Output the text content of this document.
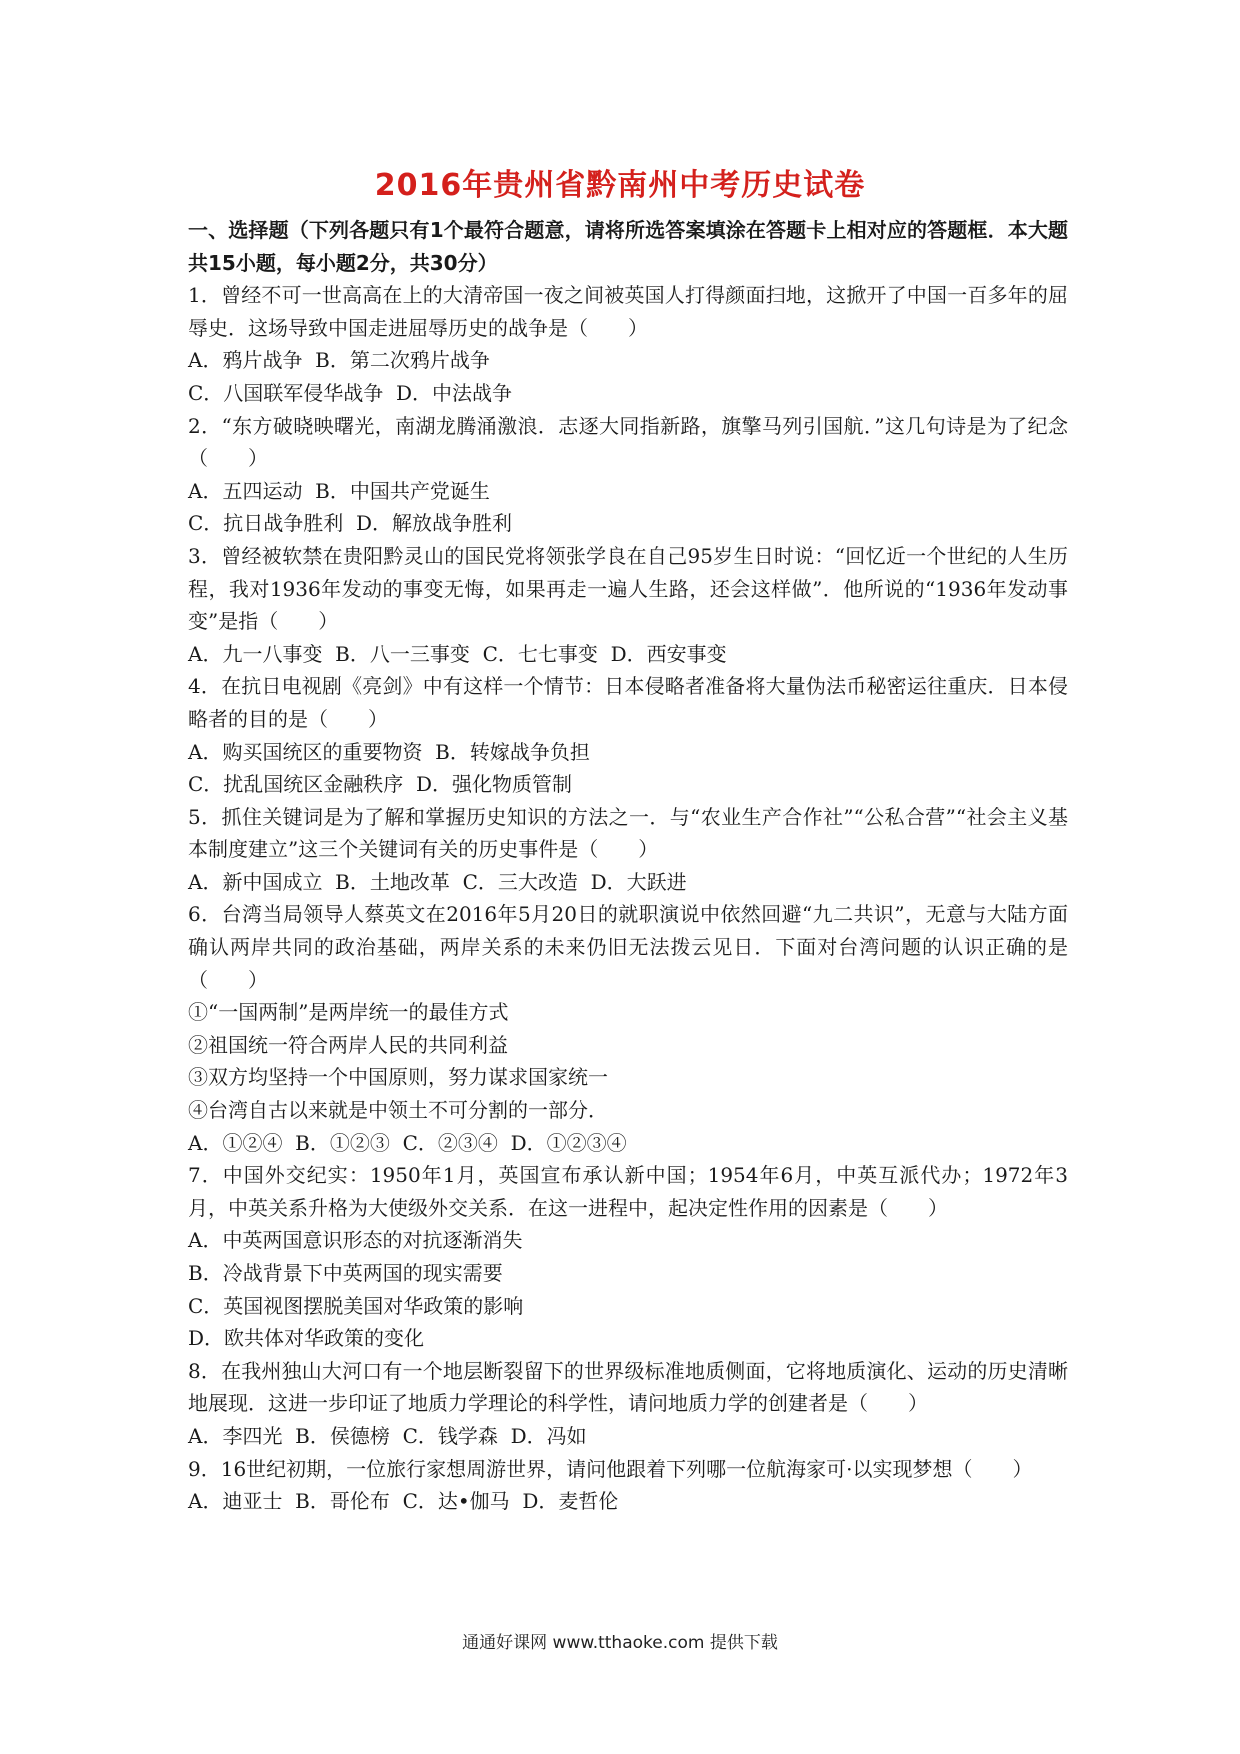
2016年贵州省黔南州中考历史试卷
一、选择题（下列各题只有1个最符合题意，请将所选答案填涂在答题卡上相对应的答题框．本大题共15小题，每小题2分，共30分）
1．曾经不可一世高高在上的大清帝国一夜之间被英国人打得颜面扫地，这掀开了中国一百多年的屈辱史．这场导致中国走进屈辱历史的战争是（　　）
A．鸦片战争  B．第二次鸦片战争
C．八国联军侵华战争  D．中法战争
2．“东方破晓映曙光，南湖龙腾涌激浪．志逐大同指新路，旗擎马列引国航．”这几句诗是为了纪念（　　）
A．五四运动  B．中国共产党诞生
C．抗日战争胜利  D．解放战争胜利
3．曾经被软禁在贵阳黔灵山的国民党将领张学良在自己95岁生日时说：“回忆近一个世纪的人生历程，我对1936年发动的事变无悔，如果再走一遍人生路，还会这样做”．他所说的“1936年发动事变”是指（　　）
A．九一八事变  B．八一三事变  C．七七事变  D．西安事变
4．在抗日电视剧《亮剑》中有这样一个情节：日本侵略者准备将大量伪法币秘密运往重庆．日本侵略者的目的是（　　）
A．购买国统区的重要物资  B．转嫁战争负担
C．扰乱国统区金融秩序  D．强化物质管制
5．抓住关键词是为了解和掌握历史知识的方法之一．与“农业生产合作社”“公私合营”“社会主义基本制度建立”这三个关键词有关的历史事件是（　　）
A．新中国成立  B．土地改革  C．三大改造  D．大跃进
6．台湾当局领导人蔡英文在2016年5月20日的就职演说中依然回避“九二共识”，无意与大陆方面确认两岸共同的政治基础，两岸关系的未来仍旧无法拨云见日．下面对台湾问题的认识正确的是（　　）
①“一国两制”是两岸统一的最佳方式
②祖国统一符合两岸人民的共同利益
③双方均坚持一个中国原则，努力谋求国家统一
④台湾自古以来就是中领土不可分割的一部分．
A．①②④  B．①②③  C．②③④  D．①②③④
7．中国外交纪实：1950年1月，英国宣布承认新中国；1954年6月，中英互派代办；1972年3月，中英关系升格为大使级外交关系．在这一进程中，起决定性作用的因素是（　　）
A．中英两国意识形态的对抗逐渐消失
B．冷战背景下中英两国的现实需要
C．英国视图摆脱美国对华政策的影响
D．欧共体对华政策的变化
8．在我州独山大河口有一个地层断裂留下的世界级标准地质侧面，它将地质演化、运动的历史清晰地展现．这进一步印证了地质力学理论的科学性，请问地质力学的创建者是（　　）
A．李四光  B．侯德榜  C．钱学森  D．冯如
9．16世纪初期，一位旅行家想周游世界，请问他跟着下列哪一位航海家可·以实现梦想（　　）
A．迪亚士  B．哥伦布  C．达•伽马  D．麦哲伦
通通好课网 www.tthaoke.com 提供下载
